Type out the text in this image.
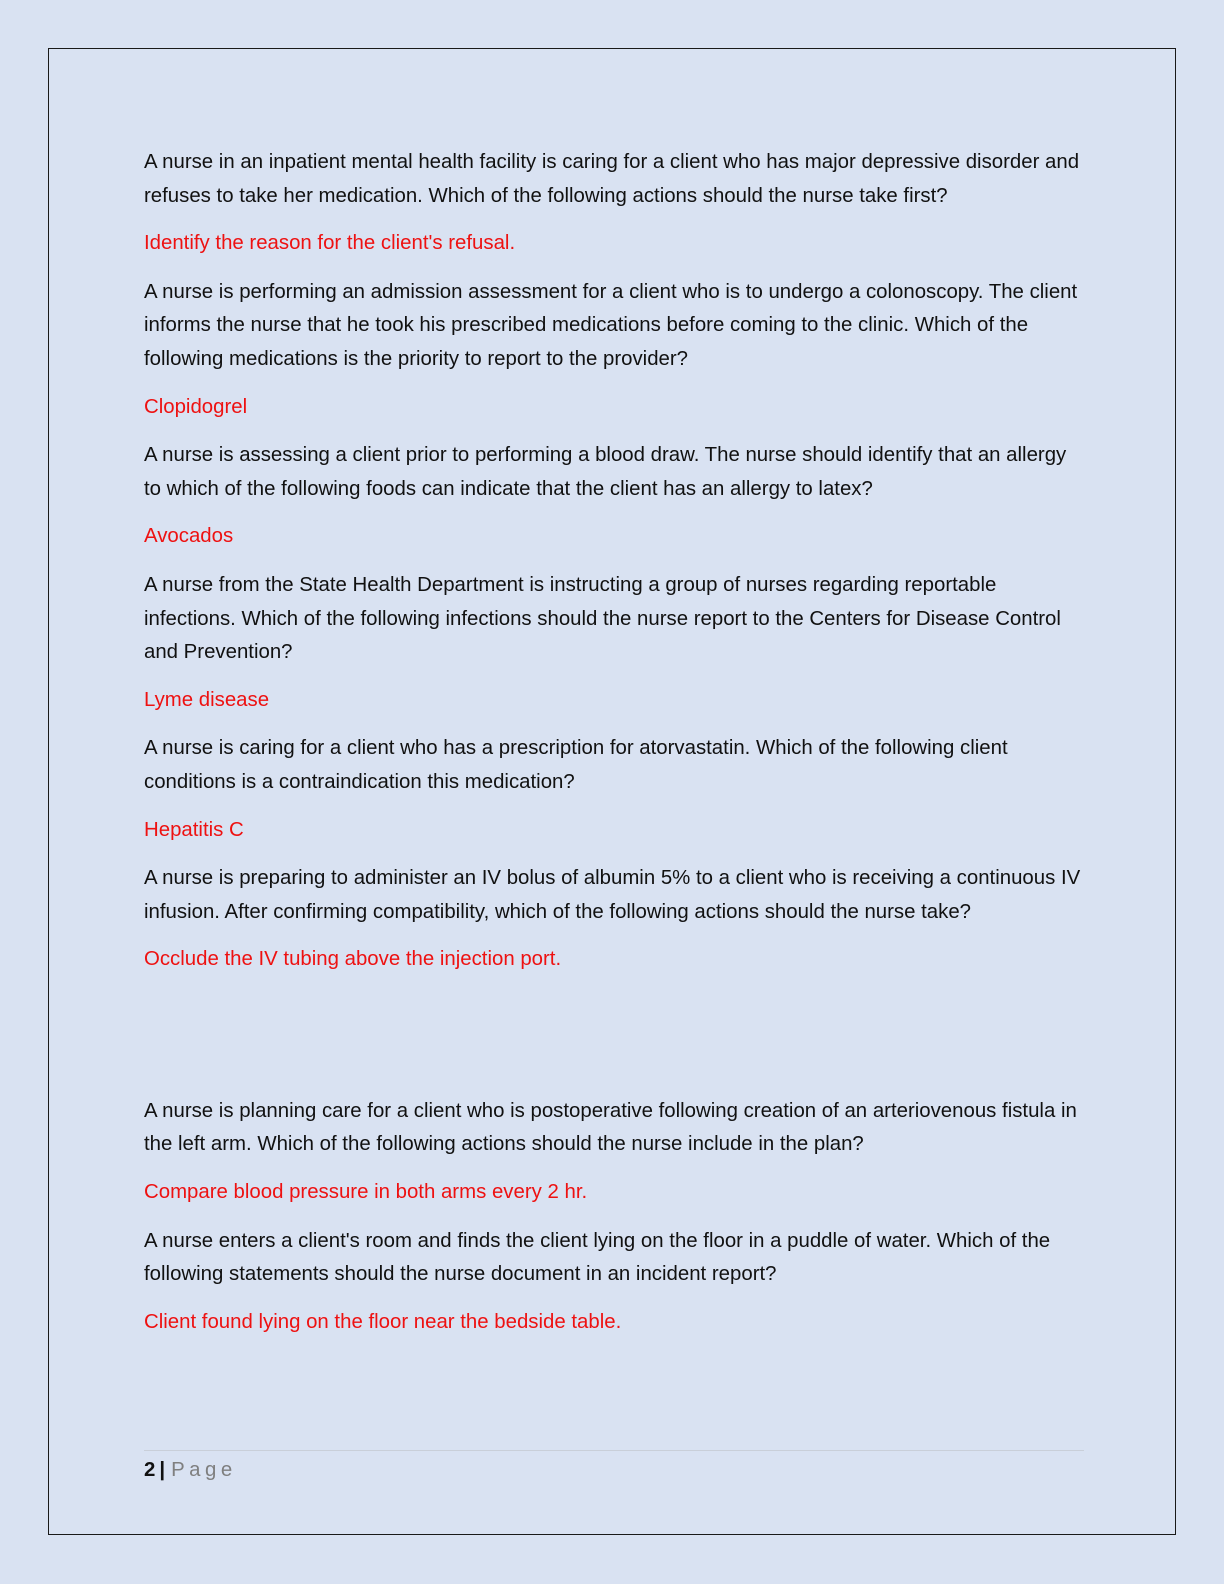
A nurse in an inpatient mental health facility is caring for a client who has major depressive disorder and refuses to take her medication. Which of the following actions should the nurse take first?

Identify the reason for the client's refusal.

A nurse is performing an admission assessment for a client who is to undergo a colonoscopy. The client informs the nurse that he took his prescribed medications before coming to the clinic. Which of the following medications is the priority to report to the provider?

Clopidogrel

A nurse is assessing a client prior to performing a blood draw. The nurse should identify that an allergy to which of the following foods can indicate that the client has an allergy to latex?

Avocados

A nurse from the State Health Department is instructing a group of nurses regarding reportable infections. Which of the following infections should the nurse report to the Centers for Disease Control and Prevention?

Lyme disease

A nurse is caring for a client who has a prescription for atorvastatin. Which of the following client conditions is a contraindication this medication?

Hepatitis C

A nurse is preparing to administer an IV bolus of albumin 5% to a client who is receiving a continuous IV infusion. After confirming compatibility, which of the following actions should the nurse take?

Occlude the IV tubing above the injection port.

A nurse is planning care for a client who is postoperative following creation of an arteriovenous fistula in the left arm. Which of the following actions should the nurse include in the plan?

Compare blood pressure in both arms every 2 hr.

A nurse enters a client's room and finds the client lying on the floor in a puddle of water. Which of the following statements should the nurse document in an incident report?

Client found lying on the floor near the bedside table.

2 | Page
